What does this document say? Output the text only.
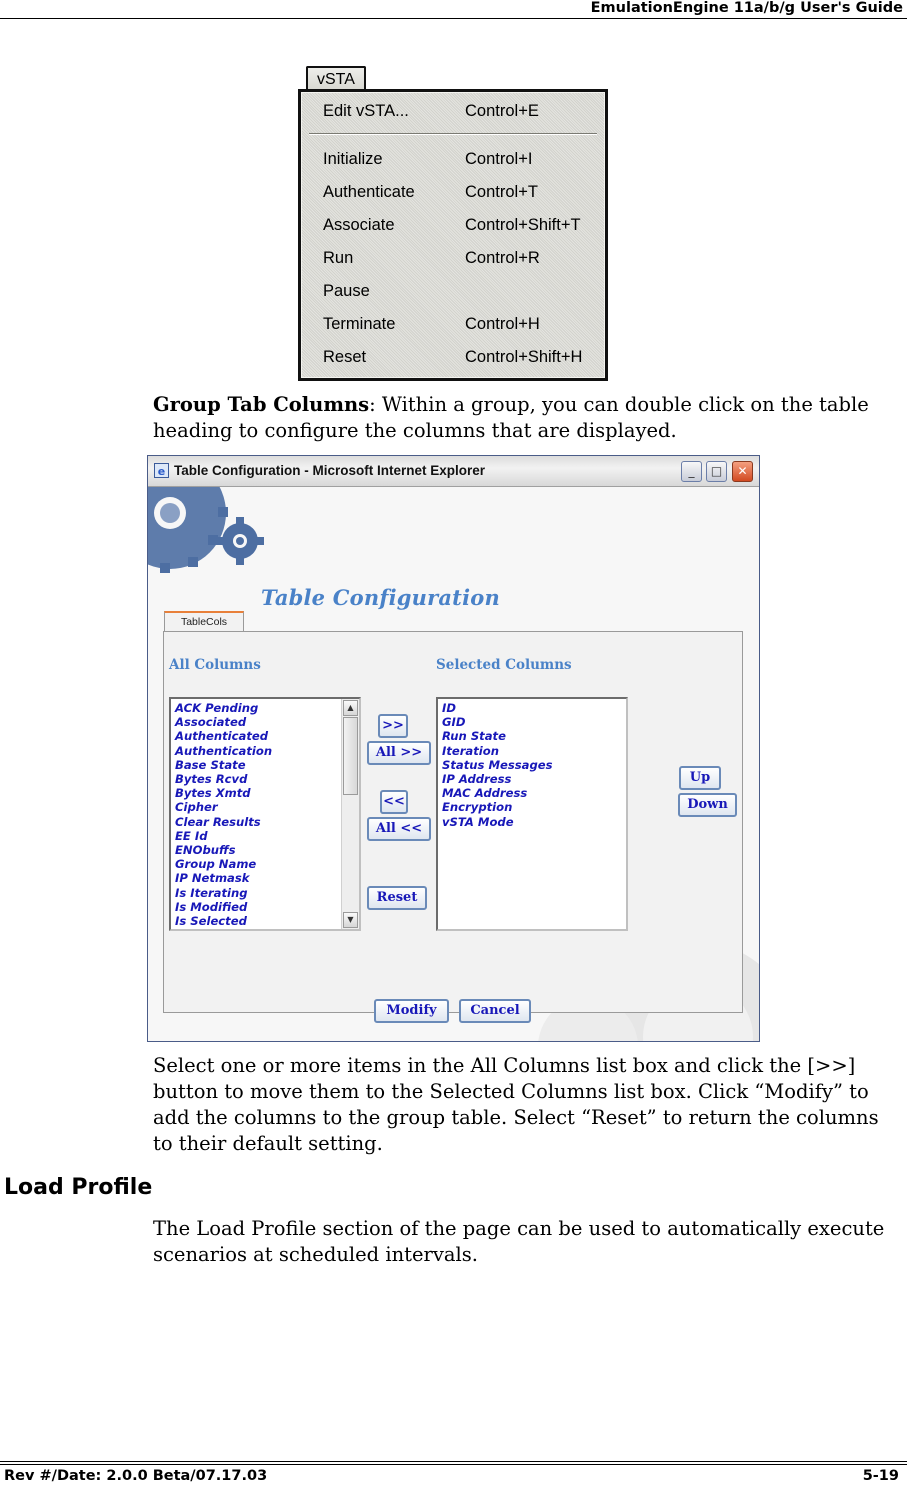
EmulationEngine 11a/b/g User's Guide
vSTA
Edit vSTA...	Control+E
Initialize	Control+I
Authenticate	Control+T
Associate	Control+Shift+T
Run	Control+R
Pause
Terminate	Control+H
Reset	Control+Shift+H
Group Tab Columns: Within a group, you can double click on the table heading to configure the columns that are displayed.
e Table Configuration - Microsoft Internet Explorer	_	□	✕
Table Configuration
TableCols
All Columns	Selected Columns
ACK Pending
Associated
Authenticated
Authentication
Base State
Bytes Rcvd
Bytes Xmtd
Cipher
Clear Results
EE Id
ENObuffs
Group Name
IP Netmask
Is Iterating
Is Modified
Is Selected
▲
▼
ID
GID
Run State
Iteration
Status Messages
IP Address
MAC Address
Encryption
vSTA Mode
>>
All >>
<<
All <<
Reset
Up
Down
Modify	Cancel
Select one or more items in the All Columns list box and click the [>>] button to move them to the Selected Columns list box. Click “Modify” to add the columns to the group table. Select “Reset” to return the columns to their default setting.
Load Profile
The Load Profile section of the page can be used to automatically execute scenarios at scheduled intervals.
Rev #/Date: 2.0.0 Beta/07.17.03	5-19
